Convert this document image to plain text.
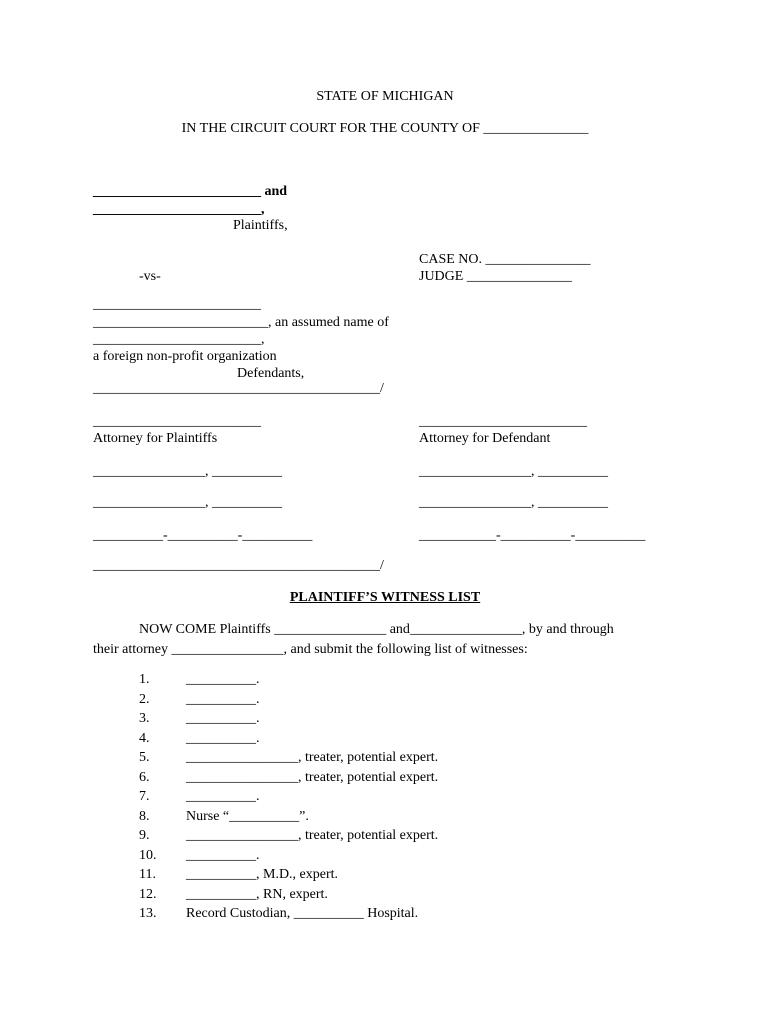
STATE OF MICHIGAN
IN THE CIRCUIT COURT FOR THE COUNTY OF _______________
________________________ and
________________________,
Plaintiffs,
CASE NO. _______________
-vs-	JUDGE _______________
________________________
_________________________, an assumed name of
________________________,
a foreign non-profit organization
Defendants,
_________________________________________/
________________________	________________________
Attorney for Plaintiffs	Attorney for Defendant
________________, __________	________________, __________
________________, __________	________________, __________
__________-__________-__________	___________-__________-__________
_________________________________________/
PLAINTIFF’S WITNESS LIST
NOW COME Plaintiffs ________________ and________________, by and through
their attorney ________________, and submit the following list of witnesses:
1.	__________.
2.	__________.
3.	__________.
4.	__________.
5.	________________, treater, potential expert.
6.	________________, treater, potential expert.
7.	__________.
8.	Nurse “__________”.
9.	________________, treater, potential expert.
10.	__________.
11.	__________, M.D., expert.
12.	__________, RN, expert.
13.	Record Custodian, __________ Hospital.
